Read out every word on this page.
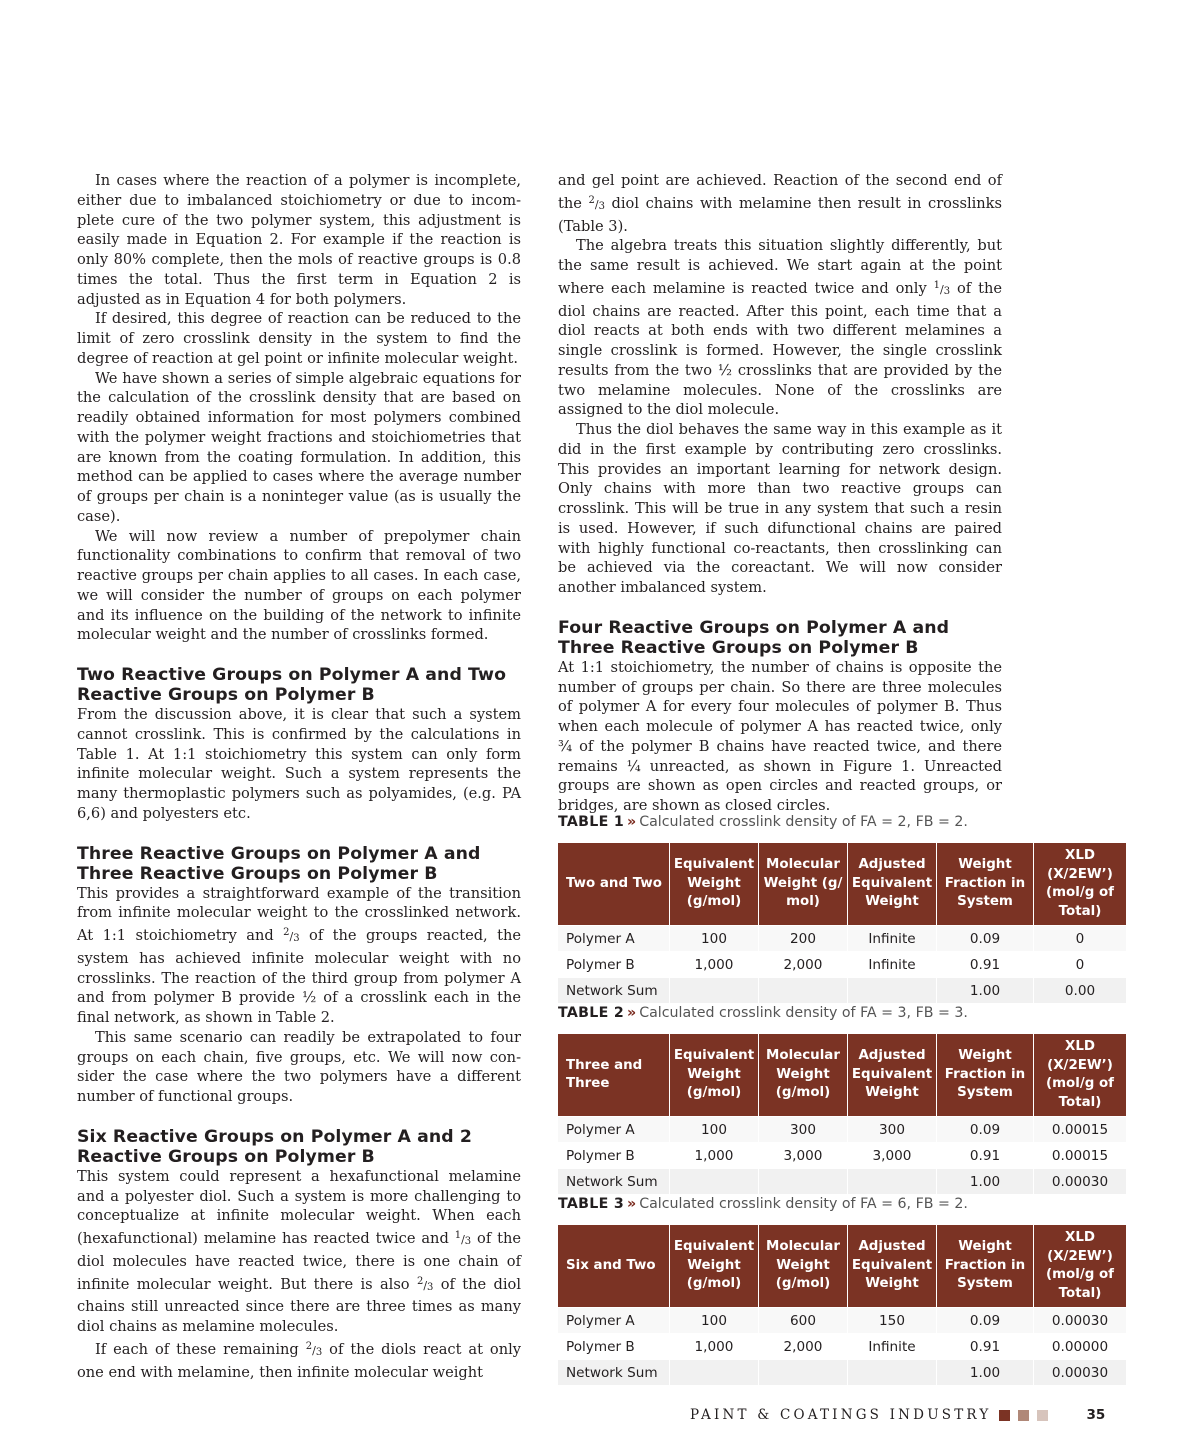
In cases where the reaction of a polymer is incomplete, either due to imbalanced stoichiometry or due to incomplete cure of the two polymer system, this adjustment is easily made in Equation 2. For example if the reaction is only 80% complete, then the mols of reactive groups is 0.8 times the total. Thus the first term in Equation 2 is adjusted as in Equation 4 for both polymers.

If desired, this degree of reaction can be reduced to the limit of zero crosslink density in the system to find the degree of reaction at gel point or infinite molecular weight.

We have shown a series of simple algebraic equations for the calculation of the crosslink density that are based on readily obtained information for most polymers combined with the polymer weight fractions and stoichiometries that are known from the coating formulation. In addition, this method can be applied to cases where the average number of groups per chain is a noninteger value (as is usually the case).

We will now review a number of prepolymer chain functionality combinations to confirm that removal of two reactive groups per chain applies to all cases. In each case, we will consider the number of groups on each polymer and its influence on the building of the network to infinite molecular weight and the number of crosslinks formed.

Two Reactive Groups on Polymer A and Two Reactive Groups on Polymer B

From the discussion above, it is clear that such a system cannot crosslink. This is confirmed by the calculations in Table 1. At 1:1 stoichiometry this system can only form infinite molecular weight. Such a system represents the many thermoplastic polymers such as polyamides, (e.g. PA 6,6) and polyesters etc.

Three Reactive Groups on Polymer A and Three Reactive Groups on Polymer B

This provides a straightforward example of the transition from infinite molecular weight to the crosslinked network. At 1:1 stoichiometry and $^2/_3$ of the groups reacted, the system has achieved infinite molecular weight with no crosslinks. The reaction of the third group from polymer A and from polymer B provide ½ of a crosslink each in the final network, as shown in Table 2.

This same scenario can readily be extrapolated to four groups on each chain, five groups, etc. We will now consider the case where the two polymers have a different number of functional groups.

Six Reactive Groups on Polymer A and 2 Reactive Groups on Polymer B

This system could represent a hexafunctional melamine and a polyester diol. Such a system is more challenging to conceptualize at infinite molecular weight. When each (hexafunctional) melamine has reacted twice and $^1/_3$ of the diol molecules have reacted twice, there is one chain of infinite molecular weight. But there is also $^2/_3$ of the diol chains still unreacted since there are three times as many diol chains as melamine molecules.

If each of these remaining $^2/_3$ of the diols react at only one end with melamine, then infinite molecular weight

and gel point are achieved. Reaction of the second end of the $^2/_3$ diol chains with melamine then result in crosslinks (Table 3).

The algebra treats this situation slightly differently, but the same result is achieved. We start again at the point where each melamine is reacted twice and only $^1/_3$ of the diol chains are reacted. After this point, each time that a diol reacts at both ends with two different melamines a single crosslink is formed. However, the single crosslink results from the two ½ crosslinks that are provided by the two melamine molecules. None of the crosslinks are assigned to the diol molecule.

Thus the diol behaves the same way in this example as it did in the first example by contributing zero crosslinks. This provides an important learning for network design. Only chains with more than two reactive groups can crosslink. This will be true in any system that such a resin is used. However, if such difunctional chains are paired with highly functional co-reactants, then crosslinking can be achieved via the coreactant. We will now consider another imbalanced system.

Four Reactive Groups on Polymer A and Three Reactive Groups on Polymer B

At 1:1 stoichiometry, the number of chains is opposite the number of groups per chain. So there are three molecules of polymer A for every four molecules of polymer B. Thus when each molecule of polymer A has reacted twice, only ¾ of the polymer B chains have reacted twice, and there remains ¼ unreacted, as shown in Figure 1. Unreacted groups are shown as open circles and reacted groups, or bridges, are shown as closed circles.

TABLE 1 » Calculated crosslink density of FA = 2, FB = 2.

Two and Two	Equivalent Weight (g/mol)	Molecular Weight (g/ mol)	Adjusted Equivalent Weight	Weight Fraction in System	XLD (X/2EW’) (mol/g of Total)
Polymer A	100	200	Infinite	0.09	0
Polymer B	1,000	2,000	Infinite	0.91	0
Network Sum				1.00	0.00

TABLE 2 » Calculated crosslink density of FA = 3, FB = 3.

Three and Three	Equivalent Weight (g/mol)	Molecular Weight (g/mol)	Adjusted Equivalent Weight	Weight Fraction in System	XLD (X/2EW’) (mol/g of Total)
Polymer A	100	300	300	0.09	0.00015
Polymer B	1,000	3,000	3,000	0.91	0.00015
Network Sum				1.00	0.00030

TABLE 3 » Calculated crosslink density of FA = 6, FB = 2.

Six and Two	Equivalent Weight (g/mol)	Molecular Weight (g/mol)	Adjusted Equivalent Weight	Weight Fraction in System	XLD (X/2EW’) (mol/g of Total)
Polymer A	100	600	150	0.09	0.00030
Polymer B	1,000	2,000	Infinite	0.91	0.00000
Network Sum				1.00	0.00030
PAINT & COATINGS INDUSTRY	35
